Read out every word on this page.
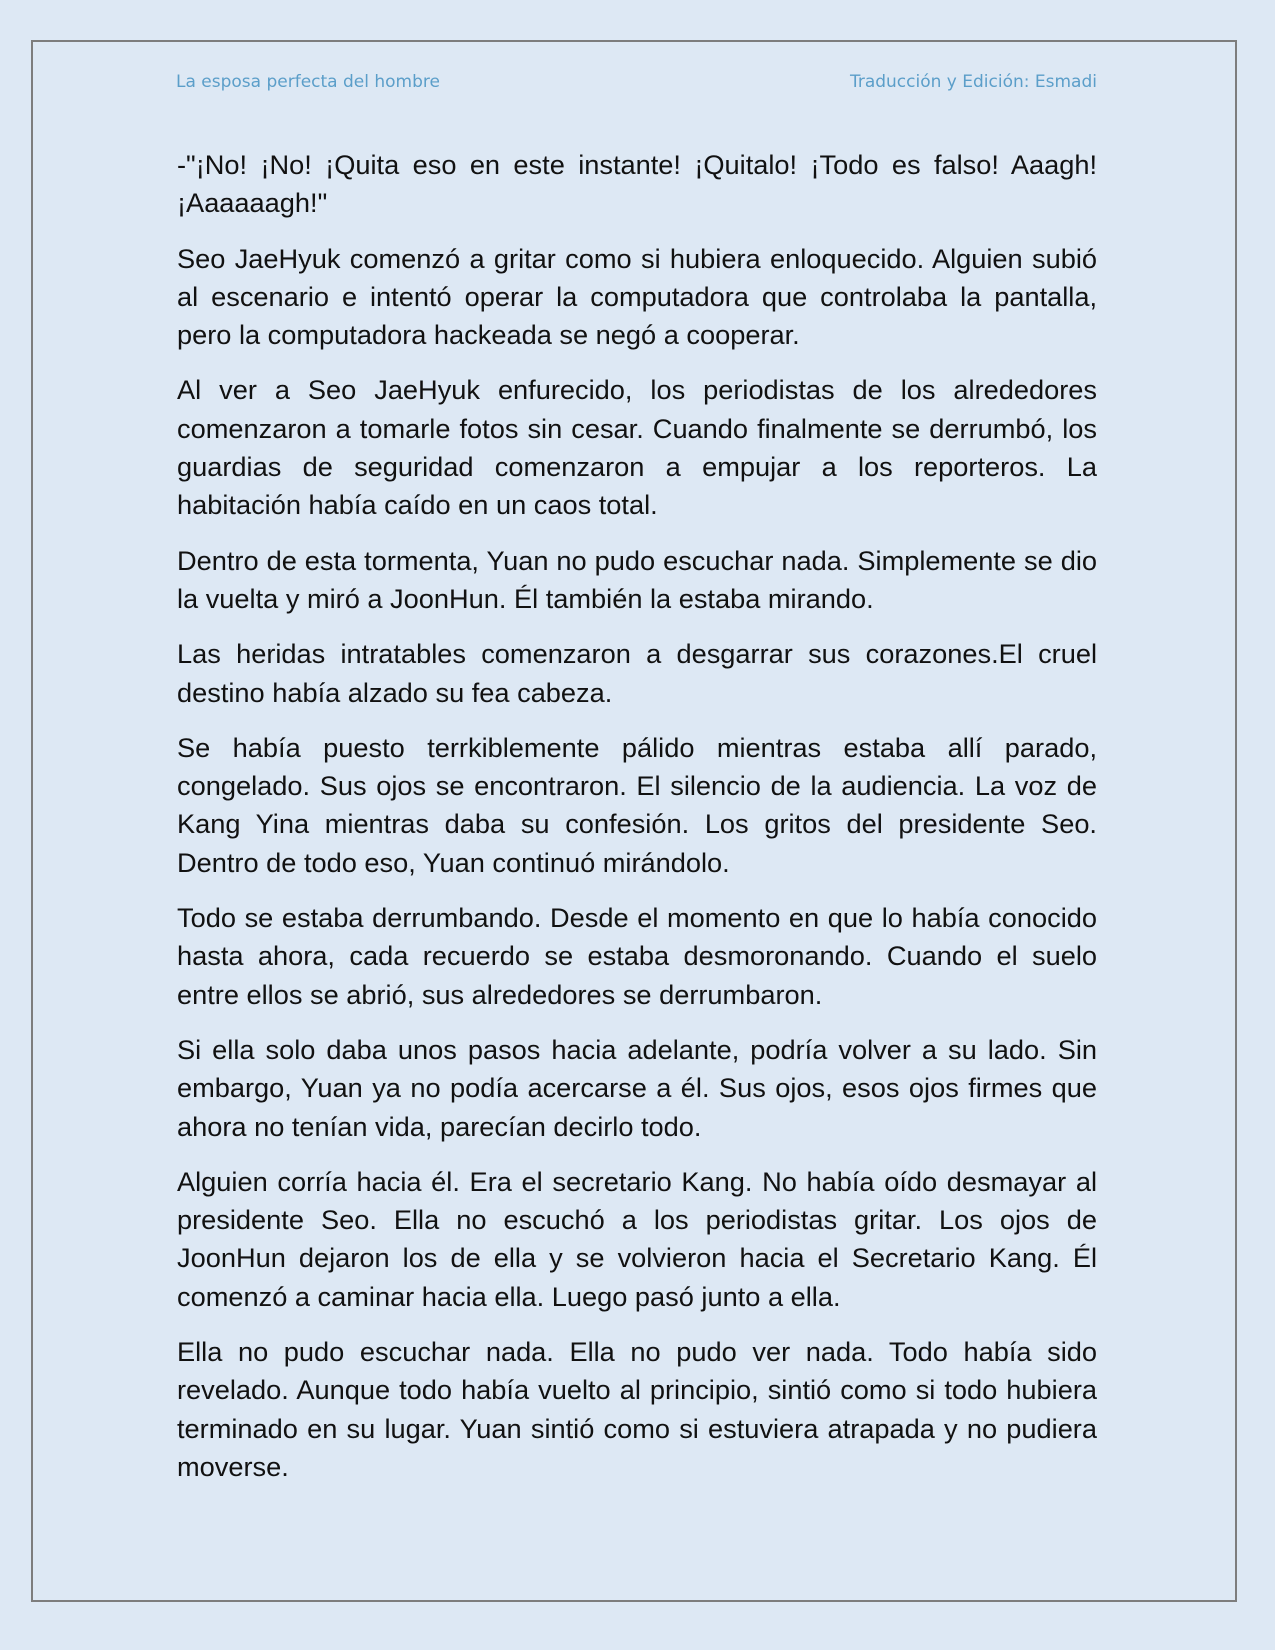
La esposa perfecta del hombre	Traducción y Edición: Esmadi

-"¡No! ¡No! ¡Quita eso en este instante! ¡Quitalo! ¡Todo es falso! Aaagh! ¡Aaaaaagh!"

Seo JaeHyuk comenzó a gritar como si hubiera enloquecido. Alguien subió al escenario e intentó operar la computadora que controlaba la pantalla, pero la computadora hackeada se negó a cooperar.

Al ver a Seo JaeHyuk enfurecido, los periodistas de los alrededores comenzaron a tomarle fotos sin cesar. Cuando finalmente se derrumbó, los guardias de seguridad comenzaron a empujar a los reporteros. La habitación había caído en un caos total.

Dentro de esta tormenta, Yuan no pudo escuchar nada. Simplemente se dio la vuelta y miró a JoonHun. Él también la estaba mirando.

Las heridas intratables comenzaron a desgarrar sus corazones.El cruel destino había alzado su fea cabeza.

Se había puesto terrkiblemente pálido mientras estaba allí parado, congelado. Sus ojos se encontraron. El silencio de la audiencia. La voz de Kang Yina mientras daba su confesión. Los gritos del presidente Seo. Dentro de todo eso, Yuan continuó mirándolo.

Todo se estaba derrumbando. Desde el momento en que lo había conocido hasta ahora, cada recuerdo se estaba desmoronando. Cuando el suelo entre ellos se abrió, sus alrededores se derrumbaron.

Si ella solo daba unos pasos hacia adelante, podría volver a su lado. Sin embargo, Yuan ya no podía acercarse a él. Sus ojos, esos ojos firmes que ahora no tenían vida, parecían decirlo todo.

Alguien corría hacia él. Era el secretario Kang. No había oído desmayar al presidente Seo. Ella no escuchó a los periodistas gritar. Los ojos de JoonHun dejaron los de ella y se volvieron hacia el Secretario Kang. Él comenzó a caminar hacia ella. Luego pasó junto a ella.

Ella no pudo escuchar nada. Ella no pudo ver nada. Todo había sido revelado. Aunque todo había vuelto al principio, sintió como si todo hubiera terminado en su lugar. Yuan sintió como si estuviera atrapada y no pudiera moverse.
